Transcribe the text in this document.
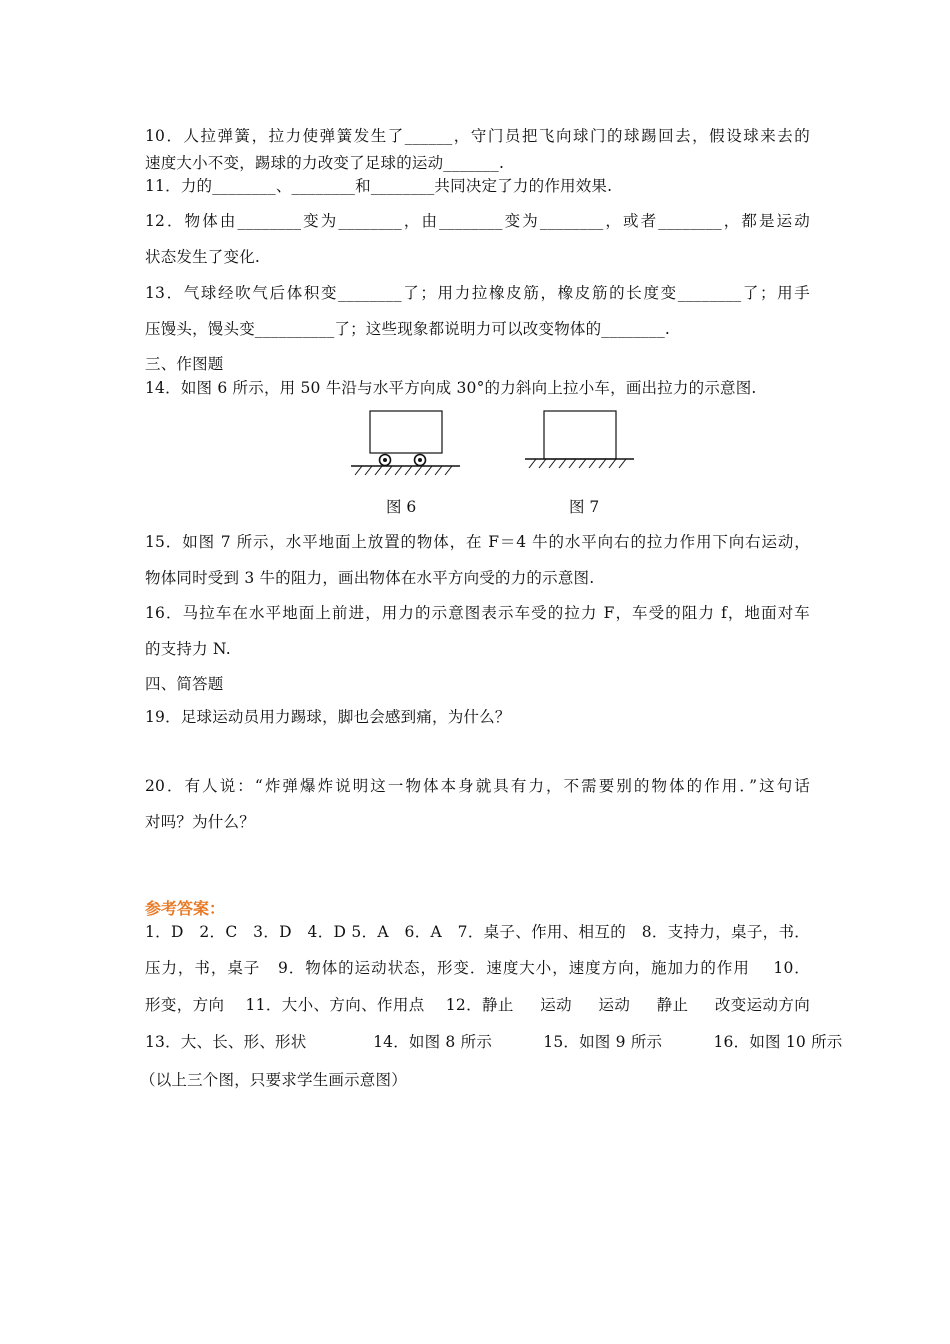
10．人拉弹簧，拉力使弹簧发生了______，守门员把飞向球门的球踢回去，假设球来去的
速度大小不变，踢球的力改变了足球的运动_______.
11．力的________、________和________共同决定了力的作用效果.
12．物体由________变为________，由________变为________，或者________，都是运动
状态发生了变化.
13．气球经吹气后体积变________了；用力拉橡皮筋，橡皮筋的长度变________了；用手
压馒头，馒头变__________了；这些现象都说明力可以改变物体的________.
三、作图题
14．如图 6 所示，用 50 牛沿与水平方向成 30°的力斜向上拉小车，画出拉力的示意图.
图 6	图 7
15．如图 7 所示，水平地面上放置的物体，在 F＝4 牛的水平向右的拉力作用下向右运动，
物体同时受到 3 牛的阻力，画出物体在水平方向受的力的示意图.
16．马拉车在水平地面上前进，用力的示意图表示车受的拉力 F，车受的阻力 f，地面对车
的支持力 N.
四、简答题
19．足球运动员用力踢球，脚也会感到痛，为什么？
20．有人说：“炸弹爆炸说明这一物体本身就具有力，不需要别的物体的作用．”这句话
对吗？为什么？
参考答案：
1．D   2．C   3．D   4．D 5．A   6．A   7．桌子、作用、相互的   8．支持力，桌子，书．
压力，书，桌子   9．物体的运动状态，形变．速度大小，速度方向，施加力的作用    10．
形变，方向    11．大小、方向、作用点    12．静止     运动     运动     静止     改变运动方向
13．大、长、形、形状             14．如图 8 所示          15．如图 9 所示          16．如图 10 所示
（以上三个图，只要求学生画示意图）
